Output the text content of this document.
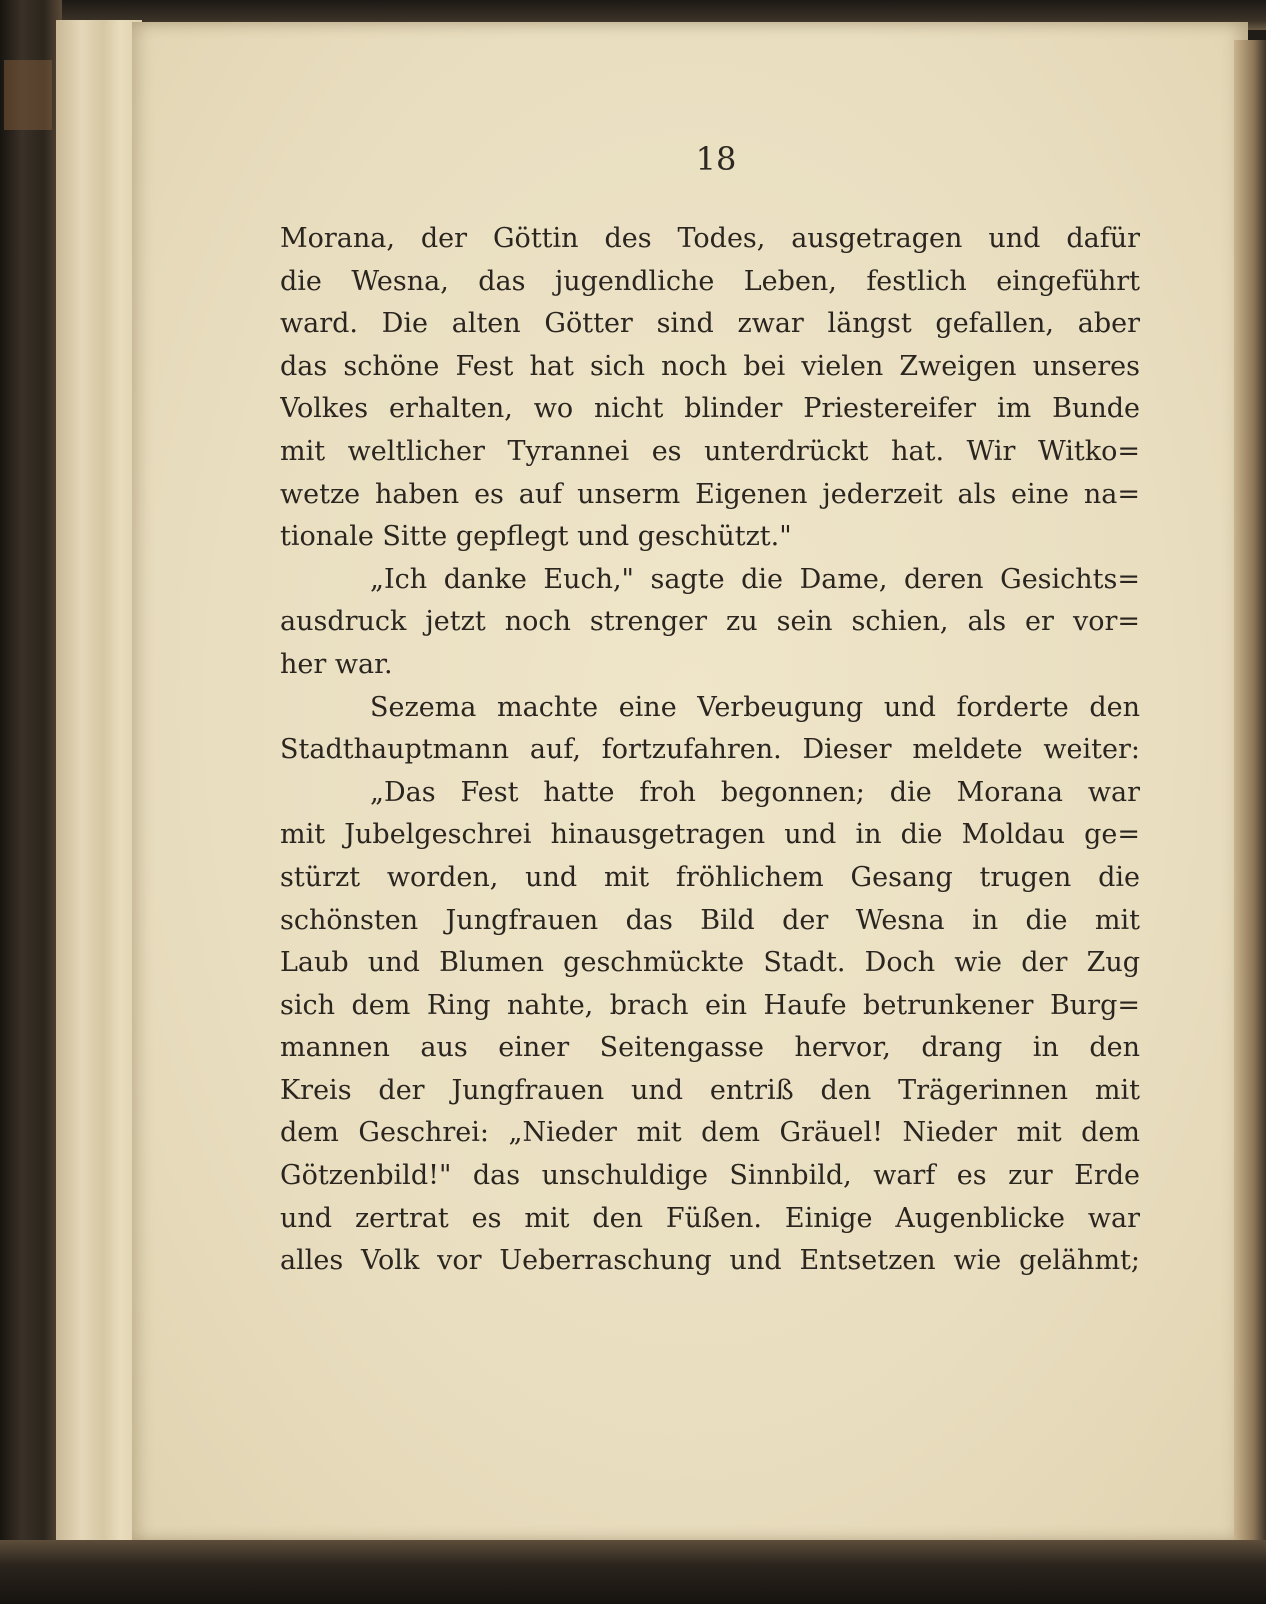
18
Morana, der Göttin des Todes, ausgetragen und dafür
die Wesna, das jugendliche Leben, festlich eingeführt
ward. Die alten Götter sind zwar längst gefallen, aber
das schöne Fest hat sich noch bei vielen Zweigen unseres
Volkes erhalten, wo nicht blinder Priestereifer im Bunde
mit weltlicher Tyrannei es unterdrückt hat. Wir Witko=
wetze haben es auf unserm Eigenen jederzeit als eine na=
tionale Sitte gepflegt und geschützt."
„Ich danke Euch," sagte die Dame, deren Gesichts=
ausdruck jetzt noch strenger zu sein schien, als er vor=
her war.
Sezema machte eine Verbeugung und forderte den
Stadthauptmann auf, fortzufahren. Dieser meldete weiter:
„Das Fest hatte froh begonnen; die Morana war
mit Jubelgeschrei hinausgetragen und in die Moldau ge=
stürzt worden, und mit fröhlichem Gesang trugen die
schönsten Jungfrauen das Bild der Wesna in die mit
Laub und Blumen geschmückte Stadt. Doch wie der Zug
sich dem Ring nahte, brach ein Haufe betrunkener Burg=
mannen aus einer Seitengasse hervor, drang in den
Kreis der Jungfrauen und entriß den Trägerinnen mit
dem Geschrei: „Nieder mit dem Gräuel! Nieder mit dem
Götzenbild!" das unschuldige Sinnbild, warf es zur Erde
und zertrat es mit den Füßen. Einige Augenblicke war
alles Volk vor Ueberraschung und Entsetzen wie gelähmt;
